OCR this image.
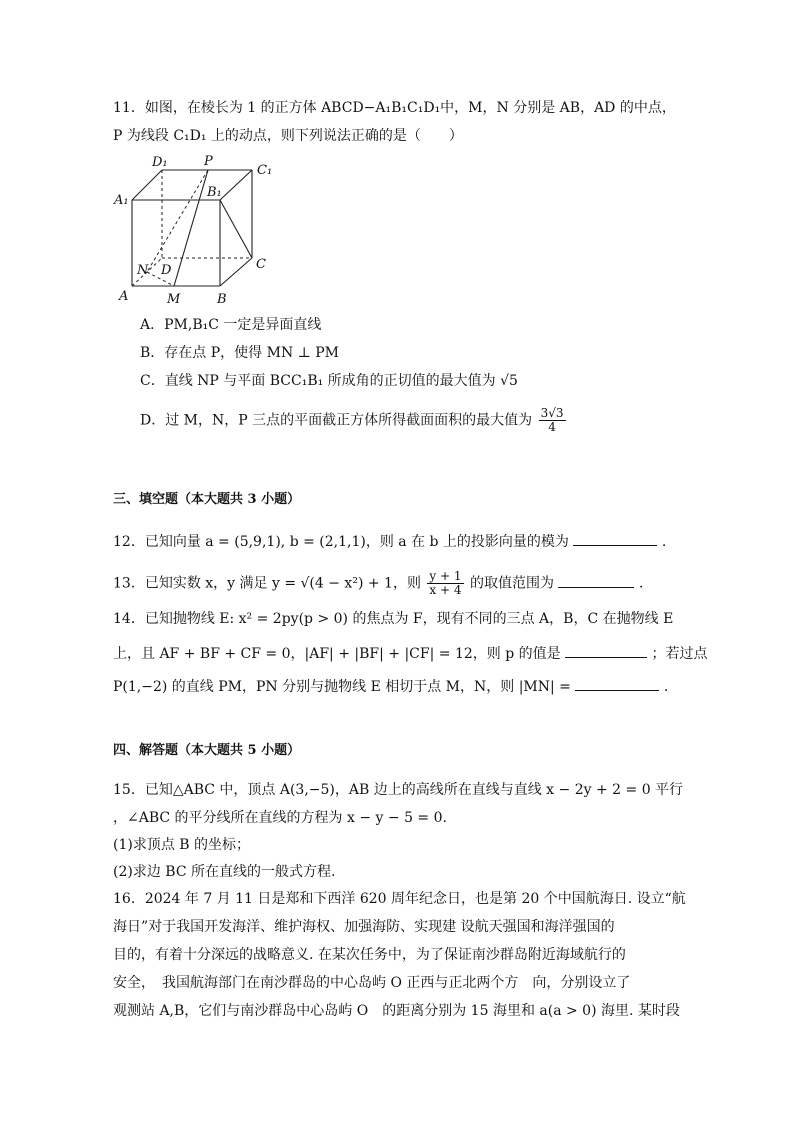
11．如图，在棱长为 1 的正方体 ABCD−A₁B₁C₁D₁中，M，N 分别是 AB，AD 的中点，
P 为线段 C₁D₁ 上的动点，则下列说法正确的是（　　）
D₁	P
C₁
B₁
A₁
N D	C
A	M	B
A．PM,B₁C 一定是异面直线
B．存在点 P，使得 MN ⊥ PM
C．直线 NP 与平面 BCC₁B₁ 所成角的正切值的最大值为 √5
D．过 M，N，P 三点的平面截正方体所得截面面积的最大值为 $\frac{3√3}{4}$
三、填空题（本大题共 3 小题）
12．已知向量 a = (5,9,1), b = (2,1,1)，则 a 在 b 上的投影向量的模为	.
13．已知实数 x，y 满足 y = √(4 − x²) + 1，则 $\frac{y + 1}{x + 4}$ 的取值范围为	.
14．已知抛物线 E: x² = 2py(p > 0) 的焦点为 F，现有不同的三点 A，B，C 在抛物线 E
上，且 AF + BF + CF = 0，|AF| + |BF| + |CF| = 12，则 p 的值是	；若过点
P(1,−2) 的直线 PM，PN 分别与抛物线 E 相切于点 M，N，则 |MN| =	.
四、解答题（本大题共 5 小题）
15．已知△ABC 中，顶点 A(3,−5)，AB 边上的高线所在直线与直线 x − 2y + 2 = 0 平行
，∠ABC 的平分线所在直线的方程为 x − y − 5 = 0.
(1)求顶点 B 的坐标；
(2)求边 BC 所在直线的一般式方程.
16．2024 年 7 月 11 日是郑和下西洋 620 周年纪念日，也是第 20 个中国航海日. 设立“航
海日”对于我国开发海洋、维护海权、加强海防、实现建 设航天强国和海洋强国的
目的，有着十分深远的战略意义. 在某次任务中，为了保证南沙群岛附近海域航行的
安全，　我国航海部门在南沙群岛的中心岛屿 O 正西与正北两个方　向，分别设立了
观测站 A,B，它们与南沙群岛中心岛屿 O　的距离分别为 15 海里和 a(a > 0) 海里. 某时段
